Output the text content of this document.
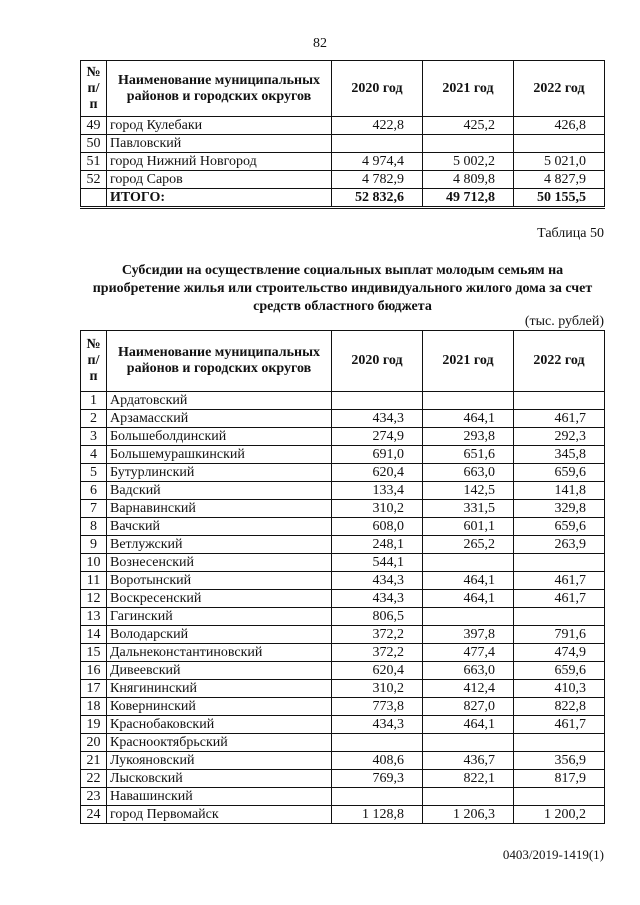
82
№ п/п	Наименование муниципальных районов и городских округов	2020 год	2021 год	2022 год
49	город Кулебаки	422,8	425,2	426,8
50	Павловский			
51	город Нижний Новгород	4 974,4	5 002,2	5 021,0
52	город Саров	4 782,9	4 809,8	4 827,9
	ИТОГО:	52 832,6	49 712,8	50 155,5
Таблица 50
Субсидии на осуществление социальных выплат молодым семьям на приобретение жилья или строительство индивидуального жилого дома за счет средств областного бюджета
(тыс. рублей)
№ п/п	Наименование муниципальных районов и городских округов	2020 год	2021 год	2022 год
1	Ардатовский			
2	Арзамасский	434,3	464,1	461,7
3	Большеболдинский	274,9	293,8	292,3
4	Большемурашкинский	691,0	651,6	345,8
5	Бутурлинский	620,4	663,0	659,6
6	Вадский	133,4	142,5	141,8
7	Варнавинский	310,2	331,5	329,8
8	Вачский	608,0	601,1	659,6
9	Ветлужский	248,1	265,2	263,9
10	Вознесенский	544,1		
11	Воротынский	434,3	464,1	461,7
12	Воскресенский	434,3	464,1	461,7
13	Гагинский	806,5		
14	Володарский	372,2	397,8	791,6
15	Дальнеконстантиновский	372,2	477,4	474,9
16	Дивеевский	620,4	663,0	659,6
17	Княгининский	310,2	412,4	410,3
18	Ковернинский	773,8	827,0	822,8
19	Краснобаковский	434,3	464,1	461,7
20	Краснооктябрьский			
21	Лукояновский	408,6	436,7	356,9
22	Лысковский	769,3	822,1	817,9
23	Навашинский			
24	город Первомайск	1 128,8	1 206,3	1 200,2
0403/2019-1419(1)
